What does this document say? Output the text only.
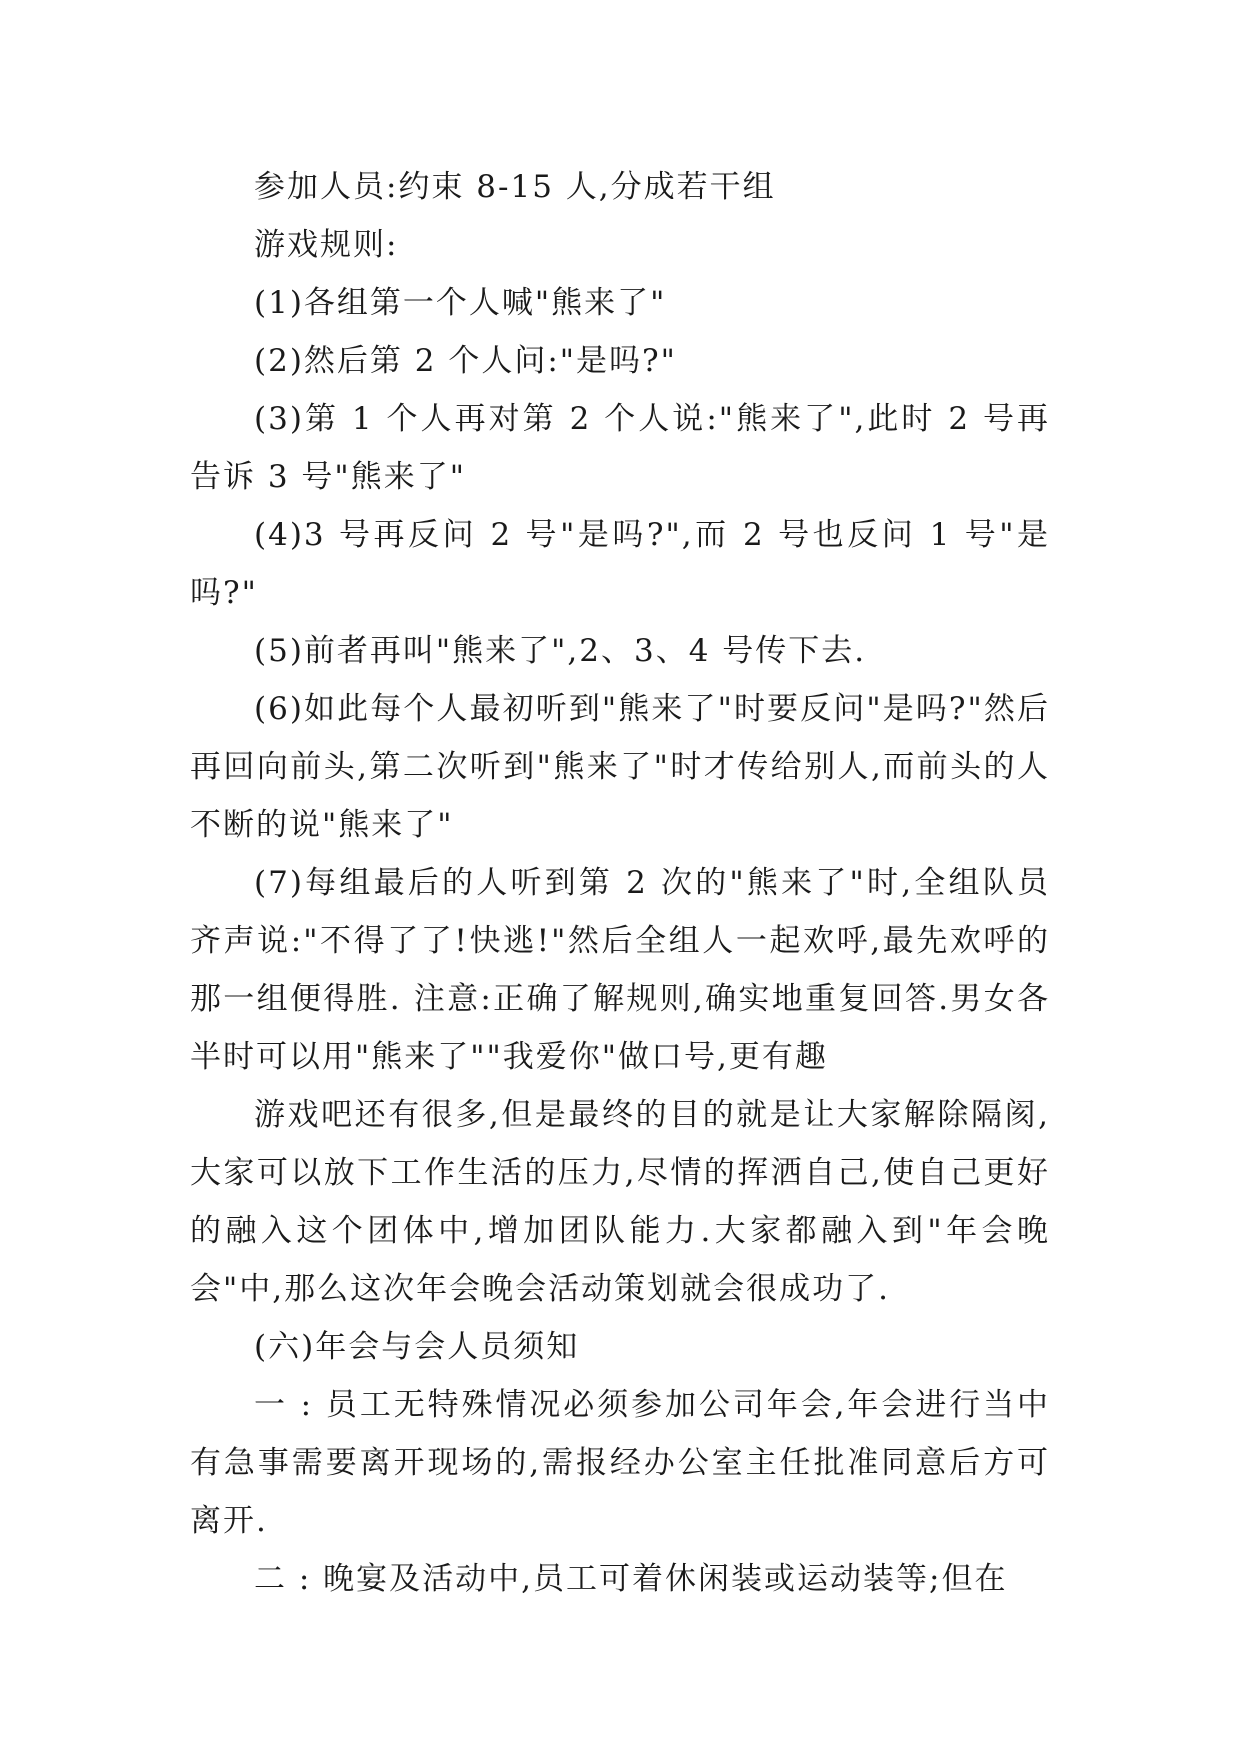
参加人员:约束 8-15 人,分成若干组

游戏规则:

(1)各组第一个人喊"熊来了"

(2)然后第 2 个人问:"是吗?"

(3)第 1 个人再对第 2 个人说:"熊来了",此时 2 号再告诉 3 号"熊来了"

(4)3 号再反问 2 号"是吗?",而 2 号也反问 1 号"是吗?"

(5)前者再叫"熊来了",2、3、4 号传下去.

(6)如此每个人最初听到"熊来了"时要反问"是吗?"然后再回向前头,第二次听到"熊来了"时才传给别人,而前头的人不断的说"熊来了"

(7)每组最后的人听到第 2 次的"熊来了"时,全组队员齐声说:"不得了了!快逃!"然后全组人一起欢呼,最先欢呼的那一组便得胜. 注意:正确了解规则,确实地重复回答.男女各半时可以用"熊来了""我爱你"做口号,更有趣

游戏吧还有很多,但是最终的目的就是让大家解除隔阂,大家可以放下工作生活的压力,尽情的挥洒自己,使自己更好的融入这个团体中,增加团队能力.大家都融入到"年会晚会"中,那么这次年会晚会活动策划就会很成功了.

(六)年会与会人员须知

一 : 员工无特殊情况必须参加公司年会,年会进行当中有急事需要离开现场的,需报经办公室主任批准同意后方可离开.

二 : 晚宴及活动中,员工可着休闲装或运动装等;但在
